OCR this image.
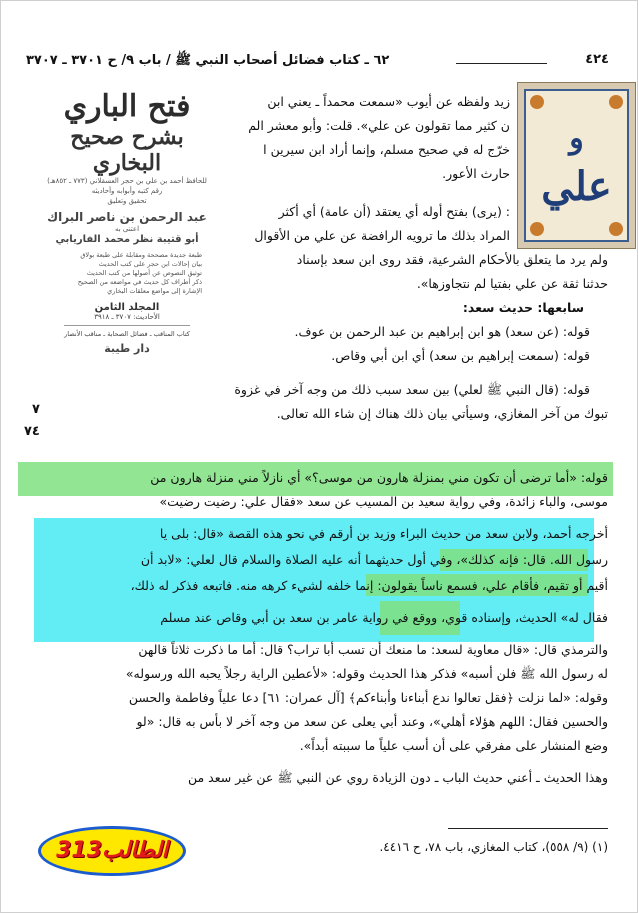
٤٢٤
٦٢ ـ كتاب فضائل أصحاب النبي ﷺ / باب ٩/ ح ٣٧٠١ ـ ٣٧٠٧
فتح الباري
بشرح صحيح البخاري
للحافظ أحمد بن علي بن حجر العسقلاني (٧٧٣ ـ ٨٥٢هـ)
رقم كتبه وأبوابه وأحاديثه
تحقيق وتعليق
عبد الرحمن بن ناصر البراك
اعتنى به
أبو قتيبة نظر محمد الفاريابي
طبعة جديدة مصححة ومقابلة على طبعة بولاق
بيان إحالات ابن حجر على كتب الحديث
توثيق النصوص عن أصولها من كتب الحديث
ذكر أطراف كل حديث في مواضعه من الصحيح
الإشارة إلى مواضع معلقات البخاري
المجلد الثامن
الأحاديث: ٣٧٠٧ ـ ٣٩١٨
كتاب المناقب ـ فضائل الصحابة ـ مناقب الأنصار
دار طيبة
و
علي
زيد ولفظه عن أيوب «سمعت محمداً ـ يعني ابن
ن كثير مما تقولون عن علي». قلت: وأبو معشر الم
خرّج له في صحيح مسلم، وإنما أراد ابن سيرين ا
حارث الأعور.
: (يرى) بفتح أوله أي يعتقد (أن عامة) أي أكثر
المراد بذلك ما ترويه الرافضة عن علي من الأقوال
ولم يرد ما يتعلق بالأحكام الشرعية، فقد روى ابن سعد بإسناد
حدثنا ثقة عن علي بفتيا لم نتجاوزها».
سابعها: حديث سعد:
قوله: (عن سعد) هو ابن إبراهيم بن عبد الرحمن بن عوف.
قوله: (سمعت إبراهيم بن سعد) أي ابن أبي وقاص.
قوله: (قال النبي ﷺ لعلي) بين سعد سبب ذلك من وجه آخر في غزوة
تبوك من آخر المغازي، وسيأتي بيان ذلك هناك إن شاء الله تعالى.
قوله: «أما ترضى أن تكون مني بمنزلة هارون من موسى؟» أي نازلاً مني منزلة هارون من
موسى، والباء زائدة، وفي رواية سعيد بن المسيب عن سعد «فقال علي: رضيت رضيت»
أخرجه أحمد، ولابن سعد من حديث البراء وزيد بن أرقم في نحو هذه القصة «قال: بلى يا
رسول الله. قال: فإنه كذلك»، وفي أول حديثهما أنه عليه الصلاة والسلام قال لعلي: «لابد أن
أقيم أو تقيم، فأقام علي، فسمع ناساً يقولون: إنما خلفه لشيء كرهه منه. فاتبعه فذكر له ذلك،
فقال له» الحديث، وإسناده قوي، ووقع في رواية عامر بن سعد بن أبي وقاص عند مسلم
والترمذي قال: «قال معاوية لسعد: ما منعك أن تسب أبا تراب؟ قال: أما ما ذكرت ثلاثاً قالهن
له رسول الله ﷺ فلن أسبه» فذكر هذا الحديث وقوله: «لأعطين الراية رجلاً يحبه الله ورسوله»
وقوله: «لما نزلت ﴿فقل تعالوا ندع أبناءنا وأبناءكم﴾ [آل عمران: ٦١] دعا علياً وفاطمة والحسن
والحسين فقال: اللهم هؤلاء أهلي»، وعند أبي يعلى عن سعد من وجه آخر لا بأس به قال: «لو
وضع المنشار على مفرقي على أن أسب علياً ما سببته أبداً».
وهذا الحديث ـ أعني حديث الباب ـ دون الزيادة روي عن النبي ﷺ عن غير سعد من
٧
٧٤
(١) (٩/ ٥٥٨)، كتاب المغازي، باب ٧٨، ح ٤٤١٦.
الطالب313
